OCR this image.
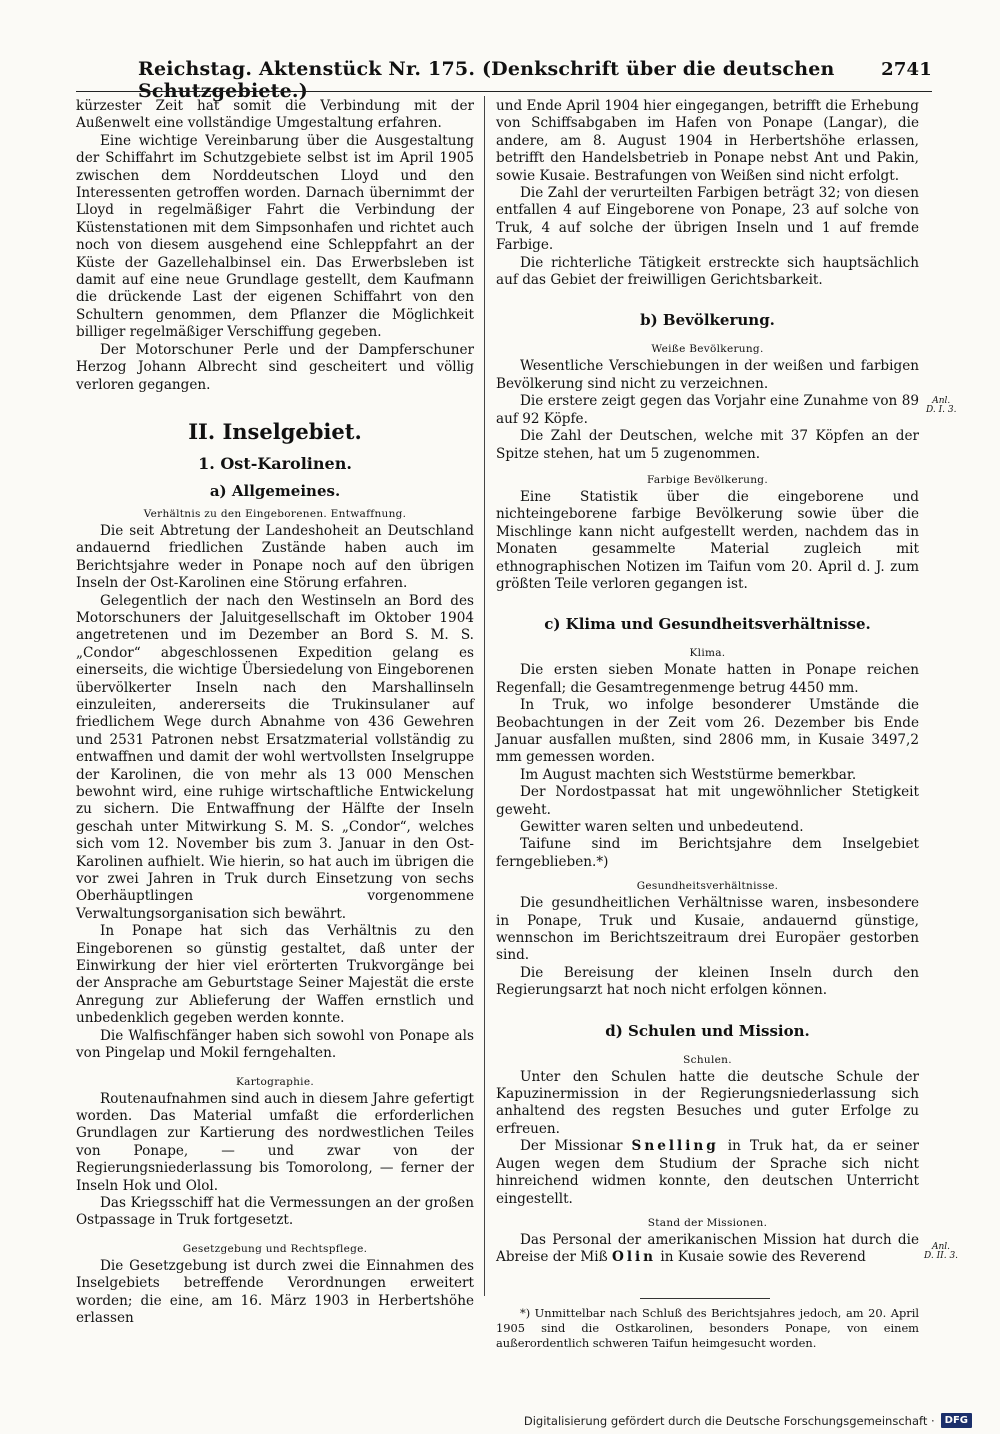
Reichstag. Aktenstück Nr. 175. (Denkschrift über die deutschen Schutzgebiete.)
2741

kürzester Zeit hat somit die Verbindung mit der Außenwelt eine vollständige Umgestaltung erfahren.

Eine wichtige Vereinbarung über die Ausgestaltung der Schiffahrt im Schutzgebiete selbst ist im April 1905 zwischen dem Norddeutschen Lloyd und den Interessenten getroffen worden. Darnach übernimmt der Lloyd in regelmäßiger Fahrt die Verbindung der Küstenstationen mit dem Simpsonhafen und richtet auch noch von diesem ausgehend eine Schleppfahrt an der Küste der Gazellehalbinsel ein. Das Erwerbsleben ist damit auf eine neue Grundlage gestellt, dem Kaufmann die drückende Last der eigenen Schiffahrt von den Schultern genommen, dem Pflanzer die Möglichkeit billiger regelmäßiger Verschiffung gegeben.

Der Motorschuner Perle und der Dampferschuner Herzog Johann Albrecht sind gescheitert und völlig verloren gegangen.

II. Inselgebiet.
1. Ost-Karolinen.
a) Allgemeines.
Verhältnis zu den Eingeborenen. Entwaffnung.

Die seit Abtretung der Landeshoheit an Deutschland andauernd friedlichen Zustände haben auch im Berichtsjahre weder in Ponape noch auf den übrigen Inseln der Ost-Karolinen eine Störung erfahren.

Gelegentlich der nach den Westinseln an Bord des Motorschuners der Jaluitgesellschaft im Oktober 1904 angetretenen und im Dezember an Bord S. M. S. „Condor“ abgeschlossenen Expedition gelang es einerseits, die wichtige Übersiedelung von Eingeborenen übervölkerter Inseln nach den Marshallinseln einzuleiten, andererseits die Trukinsulaner auf friedlichem Wege durch Abnahme von 436 Gewehren und 2531 Patronen nebst Ersatzmaterial vollständig zu entwaffnen und damit der wohl wertvollsten Inselgruppe der Karolinen, die von mehr als 13 000 Menschen bewohnt wird, eine ruhige wirtschaftliche Entwickelung zu sichern. Die Entwaffnung der Hälfte der Inseln geschah unter Mitwirkung S. M. S. „Condor“, welches sich vom 12. November bis zum 3. Januar in den Ost-Karolinen aufhielt. Wie hierin, so hat auch im übrigen die vor zwei Jahren in Truk durch Einsetzung von sechs Oberhäuptlingen vorgenommene Verwaltungsorganisation sich bewährt.

In Ponape hat sich das Verhältnis zu den Eingeborenen so günstig gestaltet, daß unter der Einwirkung der hier viel erörterten Trukvorgänge bei der Ansprache am Geburtstage Seiner Majestät die erste Anregung zur Ablieferung der Waffen ernstlich und unbedenklich gegeben werden konnte.

Die Walfischfänger haben sich sowohl von Ponape als von Pingelap und Mokil ferngehalten.

Kartographie.

Routenaufnahmen sind auch in diesem Jahre gefertigt worden. Das Material umfaßt die erforderlichen Grundlagen zur Kartierung des nordwestlichen Teiles von Ponape, — und zwar von der Regierungsniederlassung bis Tomorolong, — ferner der Inseln Hok und Olol.

Das Kriegsschiff hat die Vermessungen an der großen Ostpassage in Truk fortgesetzt.

Gesetzgebung und Rechtspflege.

Die Gesetzgebung ist durch zwei die Einnahmen des Inselgebiets betreffende Verordnungen erweitert worden; die eine, am 16. März 1903 in Herbertshöhe erlassen

und Ende April 1904 hier eingegangen, betrifft die Erhebung von Schiffsabgaben im Hafen von Ponape (Langar), die andere, am 8. August 1904 in Herbertshöhe erlassen, betrifft den Handelsbetrieb in Ponape nebst Ant und Pakin, sowie Kusaie. Bestrafungen von Weißen sind nicht erfolgt.

Die Zahl der verurteilten Farbigen beträgt 32; von diesen entfallen 4 auf Eingeborene von Ponape, 23 auf solche von Truk, 4 auf solche der übrigen Inseln und 1 auf fremde Farbige.

Die richterliche Tätigkeit erstreckte sich hauptsächlich auf das Gebiet der freiwilligen Gerichtsbarkeit.

b) Bevölkerung.
Weiße Bevölkerung.

Wesentliche Verschiebungen in der weißen und farbigen Bevölkerung sind nicht zu verzeichnen.

Die erstere zeigt gegen das Vorjahr eine Zunahme von 89 auf 92 Köpfe.

Die Zahl der Deutschen, welche mit 37 Köpfen an der Spitze stehen, hat um 5 zugenommen.

Farbige Bevölkerung.

Eine Statistik über die eingeborene und nichteingeborene farbige Bevölkerung sowie über die Mischlinge kann nicht aufgestellt werden, nachdem das in Monaten gesammelte Material zugleich mit ethnographischen Notizen im Taifun vom 20. April d. J. zum größten Teile verloren gegangen ist.

c) Klima und Gesundheitsverhältnisse.
Klima.

Die ersten sieben Monate hatten in Ponape reichen Regenfall; die Gesamtregenmenge betrug 4450 mm.

In Truk, wo infolge besonderer Umstände die Beobachtungen in der Zeit vom 26. Dezember bis Ende Januar ausfallen mußten, sind 2806 mm, in Kusaie 3497,2 mm gemessen worden.

Im August machten sich Weststürme bemerkbar.

Der Nordostpassat hat mit ungewöhnlicher Stetigkeit geweht.

Gewitter waren selten und unbedeutend.

Taifune sind im Berichtsjahre dem Inselgebiet ferngeblieben.*)

Gesundheitsverhältnisse.

Die gesundheitlichen Verhältnisse waren, insbesondere in Ponape, Truk und Kusaie, andauernd günstige, wennschon im Berichtszeitraum drei Europäer gestorben sind.

Die Bereisung der kleinen Inseln durch den Regierungsarzt hat noch nicht erfolgen können.

d) Schulen und Mission.
Schulen.

Unter den Schulen hatte die deutsche Schule der Kapuzinermission in der Regierungsniederlassung sich anhaltend des regsten Besuches und guter Erfolge zu erfreuen.

Der Missionar Snelling in Truk hat, da er seiner Augen wegen dem Studium der Sprache sich nicht hinreichend widmen konnte, den deutschen Unterricht eingestellt.

Stand der Missionen.

Das Personal der amerikanischen Mission hat durch die Abreise der Miß Olin in Kusaie sowie des Reverend

Anl.
D. I. 3.
Anl.
D. II. 3.

*) Unmittelbar nach Schluß des Berichtsjahres jedoch, am 20. April 1905 sind die Ostkarolinen, besonders Ponape, von einem außerordentlich schweren Taifun heimgesucht worden.

Digitalisierung gefördert durch die Deutsche Forschungsgemeinschaft ·	DFG
